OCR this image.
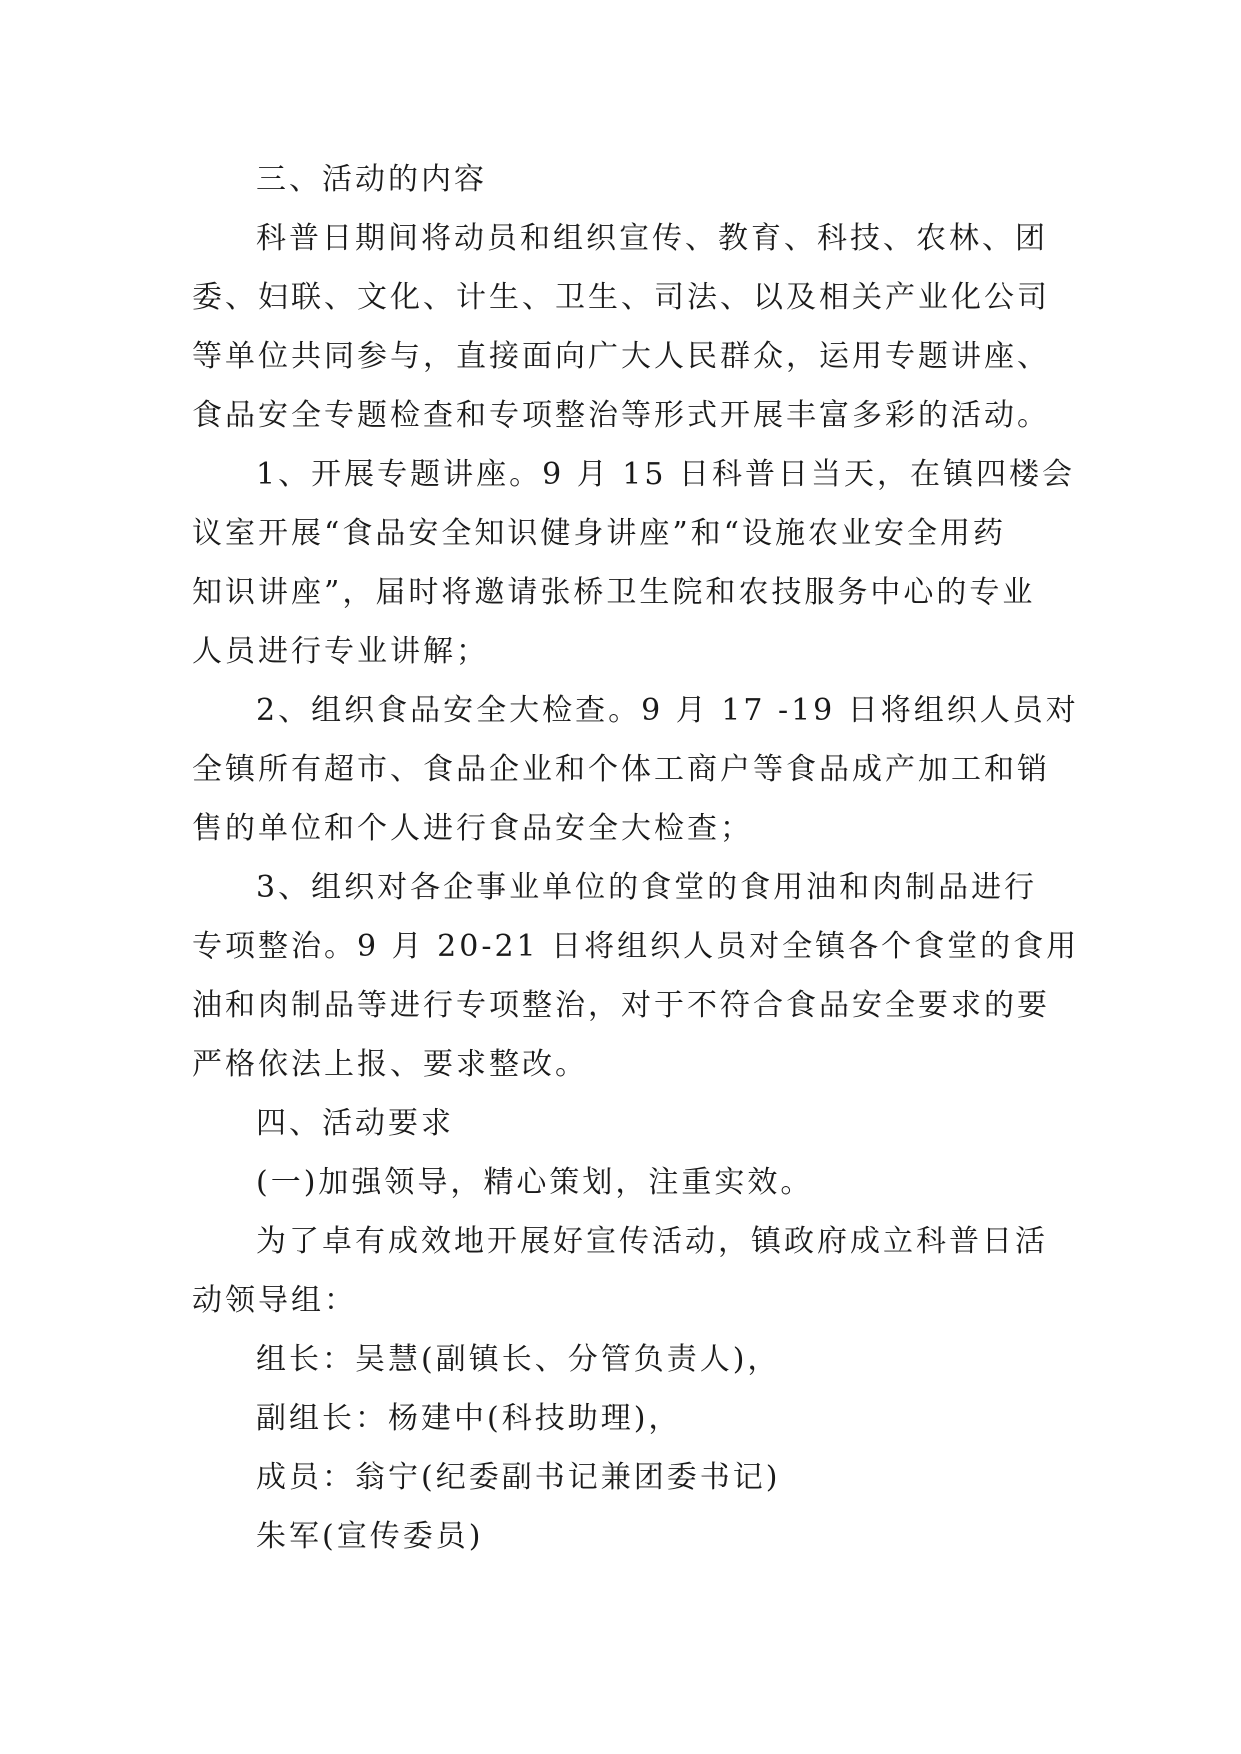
三、活动的内容

科普日期间将动员和组织宣传、教育、科技、农林、团

委、妇联、文化、计生、卫生、司法、以及相关产业化公司

等单位共同参与，直接面向广大人民群众，运用专题讲座、

食品安全专题检查和专项整治等形式开展丰富多彩的活动。

1、开展专题讲座。9 月 15 日科普日当天，在镇四楼会

议室开展“食品安全知识健身讲座”和“设施农业安全用药

知识讲座”，届时将邀请张桥卫生院和农技服务中心的专业

人员进行专业讲解；

2、组织食品安全大检查。9 月 17 -19 日将组织人员对

全镇所有超市、食品企业和个体工商户等食品成产加工和销

售的单位和个人进行食品安全大检查；

3、组织对各企事业单位的食堂的食用油和肉制品进行

专项整治。9 月 20-21 日将组织人员对全镇各个食堂的食用

油和肉制品等进行专项整治，对于不符合食品安全要求的要

严格依法上报、要求整改。

四、活动要求

(一)加强领导，精心策划，注重实效。

为了卓有成效地开展好宣传活动，镇政府成立科普日活

动领导组：

组长：吴慧(副镇长、分管负责人)，

副组长：杨建中(科技助理)，

成员：翁宁(纪委副书记兼团委书记)

朱军(宣传委员)
